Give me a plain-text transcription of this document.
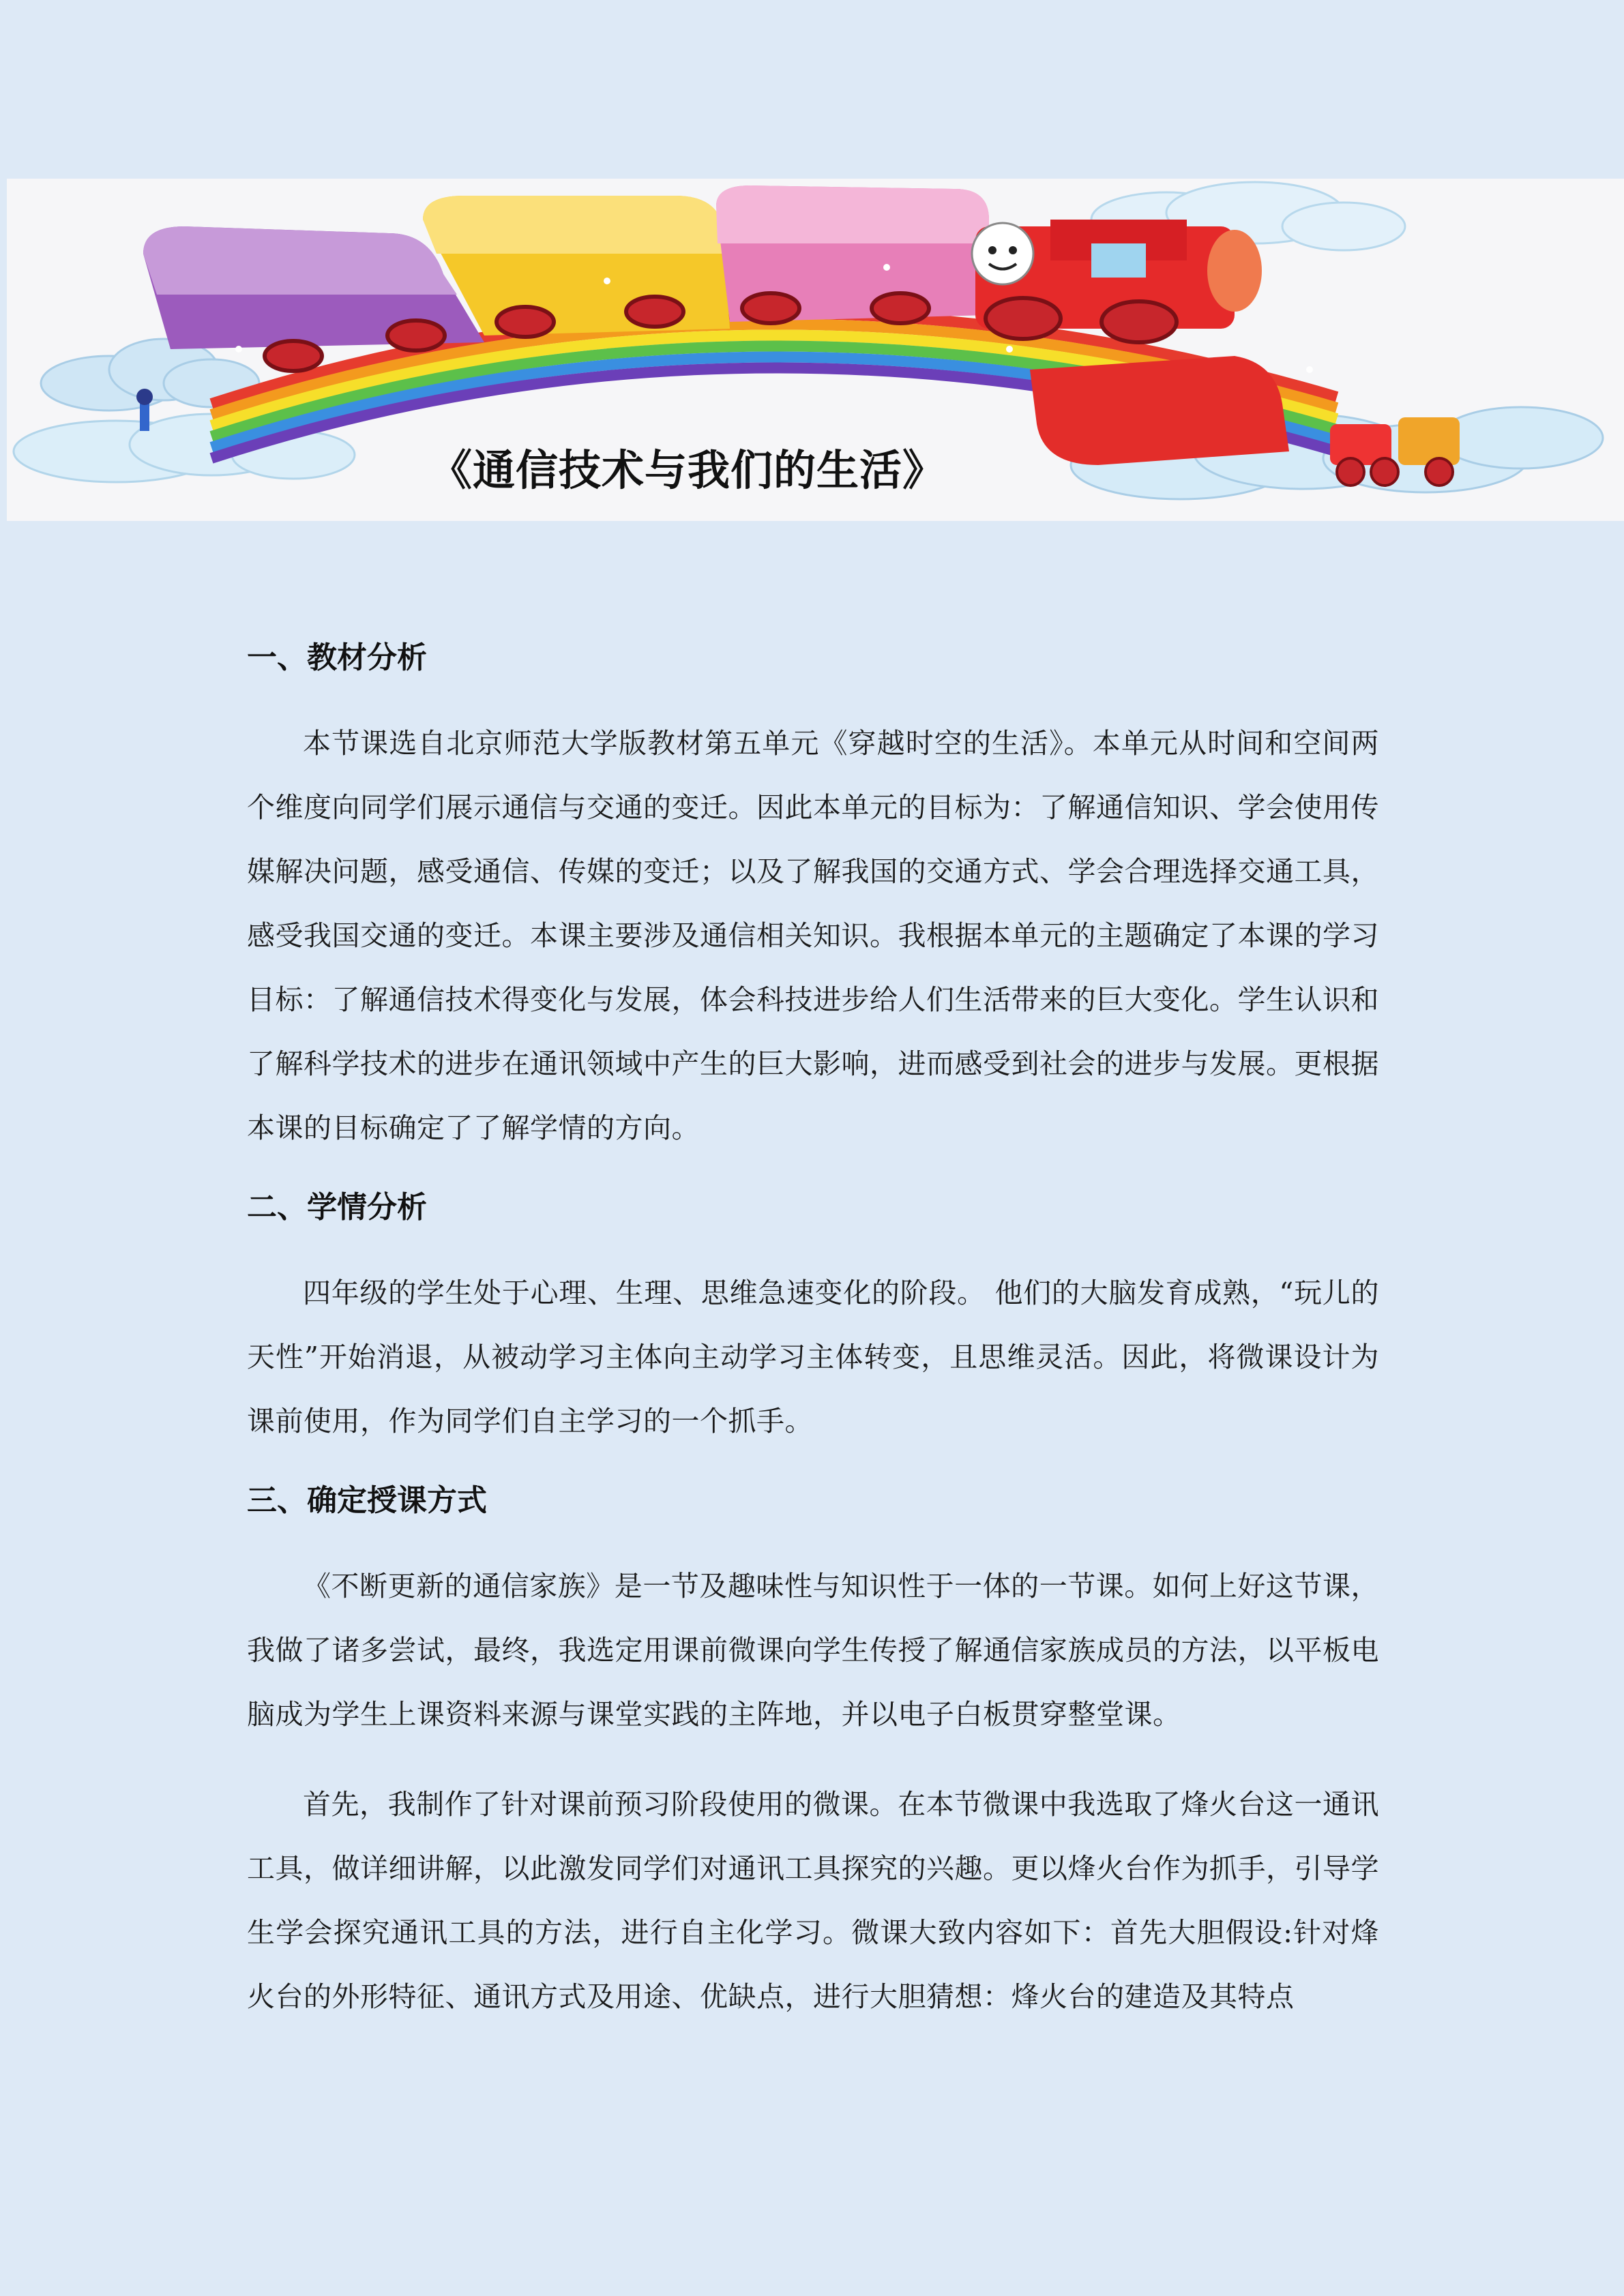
《通信技术与我们的生活》
一、教材分析

本节课选自北京师范大学版教材第五单元《穿越时空的生活》。本单元从时间和空间两个维度向同学们展示通信与交通的变迁。因此本单元的目标为：了解通信知识、学会使用传媒解决问题，感受通信、传媒的变迁；以及了解我国的交通方式、学会合理选择交通工具，感受我国交通的变迁。本课主要涉及通信相关知识。我根据本单元的主题确定了本课的学习目标：了解通信技术得变化与发展，体会科技进步给人们生活带来的巨大变化。学生认识和了解科学技术的进步在通讯领域中产生的巨大影响，进而感受到社会的进步与发展。更根据本课的目标确定了了解学情的方向。

二、学情分析

四年级的学生处于心理、生理、思维急速变化的阶段。 他们的大脑发育成熟，“玩儿的天性”开始消退，从被动学习主体向主动学习主体转变，且思维灵活。因此，将微课设计为课前使用，作为同学们自主学习的一个抓手。

三、确定授课方式

《不断更新的通信家族》是一节及趣味性与知识性于一体的一节课。如何上好这节课，我做了诸多尝试，最终，我选定用课前微课向学生传授了解通信家族成员的方法，以平板电脑成为学生上课资料来源与课堂实践的主阵地，并以电子白板贯穿整堂课。

首先，我制作了针对课前预习阶段使用的微课。在本节微课中我选取了烽火台这一通讯工具，做详细讲解，以此激发同学们对通讯工具探究的兴趣。更以烽火台作为抓手，引导学生学会探究通讯工具的方法，进行自主化学习。微课大致内容如下：首先大胆假设:针对烽火台的外形特征、通讯方式及用途、优缺点，进行大胆猜想：烽火台的建造及其特点
